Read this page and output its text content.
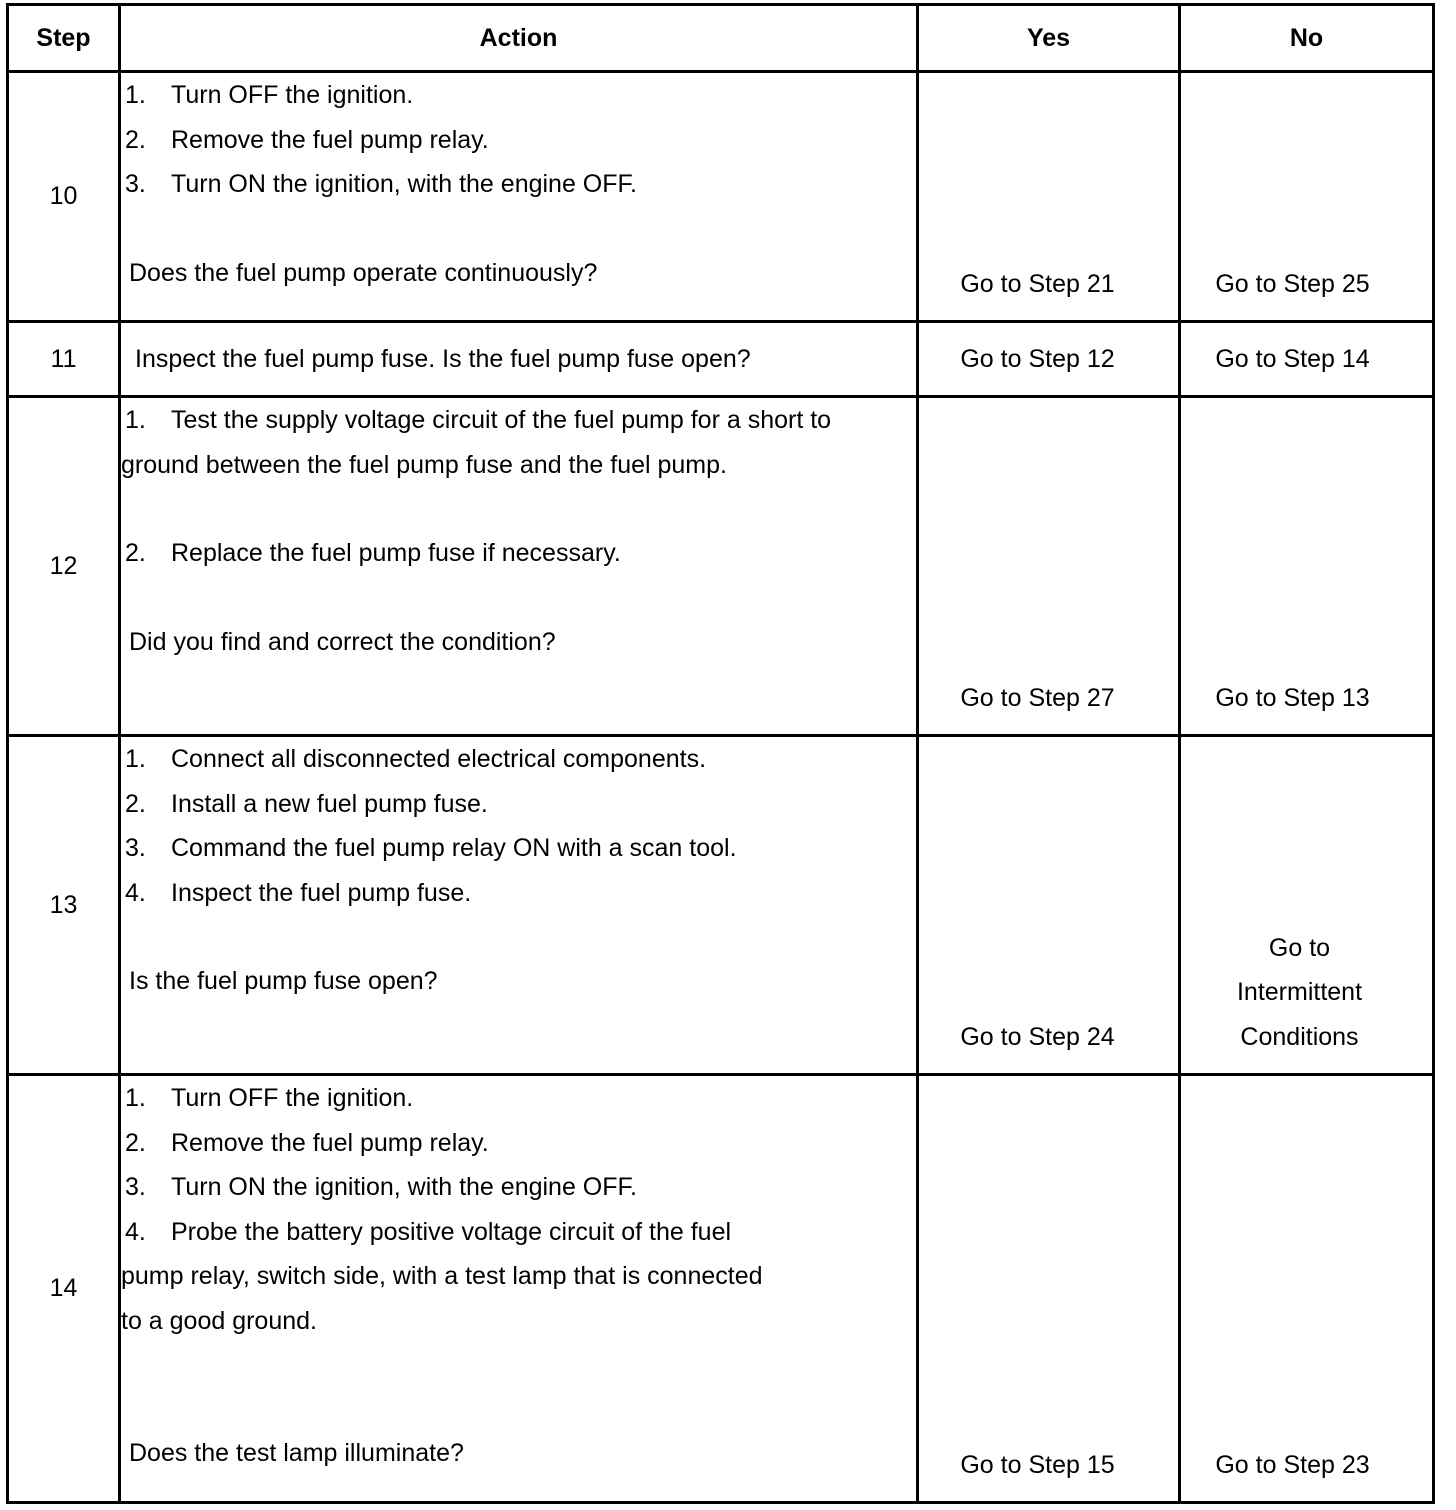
Step	Action	Yes	No
10	1. Turn OFF the ignition.
2. Remove the fuel pump relay.
3. Turn ON the ignition, with the engine OFF.
Does the fuel pump operate continuously?	Go to Step 21	Go to Step 25
11	Inspect the fuel pump fuse. Is the fuel pump fuse open?	Go to Step 12	Go to Step 14
12	1. Test the supply voltage circuit of the fuel pump for a short to ground between the fuel pump fuse and the fuel pump.
2. Replace the fuel pump fuse if necessary.
Did you find and correct the condition?	Go to Step 27	Go to Step 13
13	1. Connect all disconnected electrical components.
2. Install a new fuel pump fuse.
3. Command the fuel pump relay ON with a scan tool.
4. Inspect the fuel pump fuse.
Is the fuel pump fuse open?	Go to Step 24	Go to
Intermittent
Conditions

14	1. Turn OFF the ignition.
2. Remove the fuel pump relay.
3. Turn ON the ignition, with the engine OFF.
4. Probe the battery positive voltage circuit of the fuel pump relay, switch side, with a test lamp that is connected to a good ground.
Does the test lamp illuminate?	Go to Step 15	Go to Step 23
